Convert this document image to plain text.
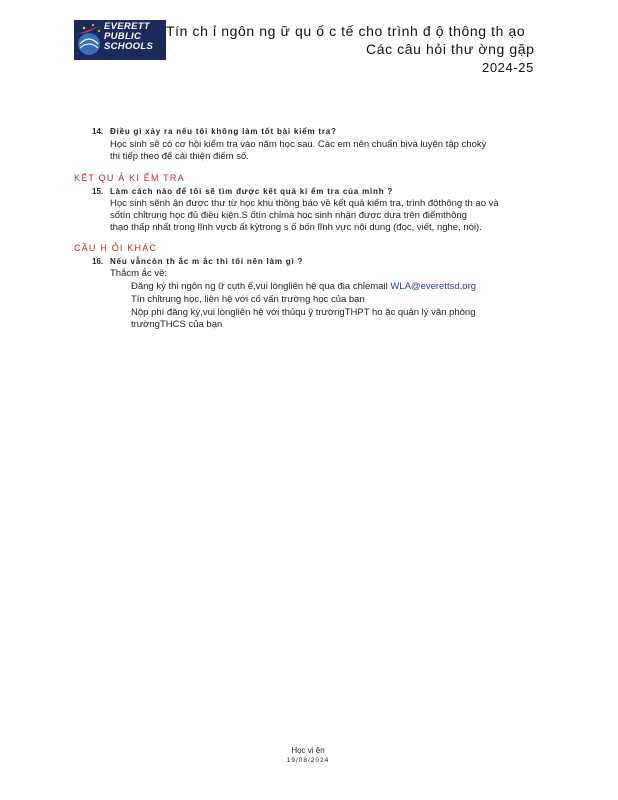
EVERETT
PUBLIC
SCHOOLS
Tín ch ỉ ngôn ng ữ qu ố c tế cho trình đ ộ thông th ạo
Các câu hỏi thư ờng gặp
2024-25
14. Điều gì xảy ra nếu tôi không làm tốt bài kiểm tra?
Học sinh sẽ có cơ hội kiểm tra vào năm học sau. Các em nên chuẩn bịvà luyện tập chokỳ
thi tiếp theo để cải thiện điểm số.
KẾT QU Ả KI ỂM TRA
15. Làm cách nào để tôi sẽ tìm được kết quả ki ểm tra của mình ?
Học sinh sẽnh ận được thư từ học khu thông báo về kết quả kiểm tra, trình độthông th ạo và
sốtín chỉtrung học đủ điều kiện.S ốtín chỉmà học sinh nhận được dựa trên điểmthông
thạo thấp nhất trong lĩnh vựcb ất kỳtrong s ố bốn lĩnh vực nội dung (đọc, viết, nghe, nói).
CÂU H ỎI KHÁC
16. Nếu vẫncòn th ắc m ắc thì tôi nên làm gì ?
Thắcm ắc về:
Đăng ký thi ngôn ng ữ cụth ể,vui lòngliên hệ qua địa chỉemail WLA@everettsd.org
Tín chỉtrung học, liên hệ với cố vấn trường học của bạn
Nộp phí đăng ký,vui lòngliên hệ với thủqu ỹ trườngTHPT ho ặc quản lý văn phòng
trườngTHCS của bạn
Học vi ện
19/08/2024
